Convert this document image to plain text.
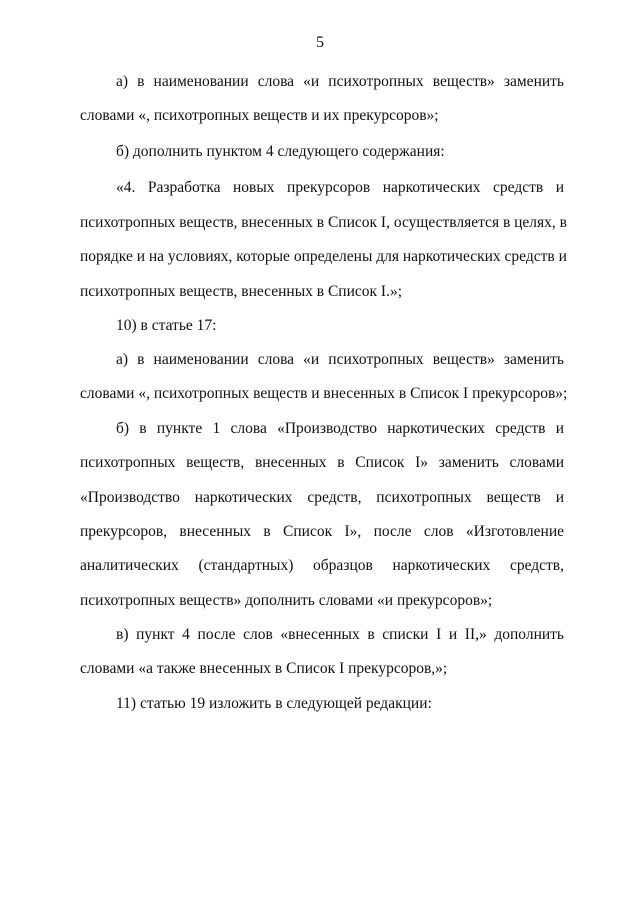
5
а) в наименовании слова «и психотропных веществ» заменить
словами «, психотропных веществ и их прекурсоров»;
б) дополнить пунктом 4 следующего содержания:
«4. Разработка новых прекурсоров наркотических средств и
психотропных веществ, внесенных в Список I, осуществляется в целях, в
порядке и на условиях, которые определены для наркотических средств и
психотропных веществ, внесенных в Список I.»;
10) в статье 17:
а) в наименовании слова «и психотропных веществ» заменить
словами «, психотропных веществ и внесенных в Список I прекурсоров»;
б) в пункте 1 слова «Производство наркотических средств и
психотропных веществ, внесенных в Список I» заменить словами
«Производство наркотических средств, психотропных веществ и
прекурсоров, внесенных в Список I», после слов «Изготовление
аналитических (стандартных) образцов наркотических средств,
психотропных веществ» дополнить словами «и прекурсоров»;
в) пункт 4 после слов «внесенных в списки I и II,» дополнить
словами «а также внесенных в Список I прекурсоров,»;
11) статью 19 изложить в следующей редакции:
